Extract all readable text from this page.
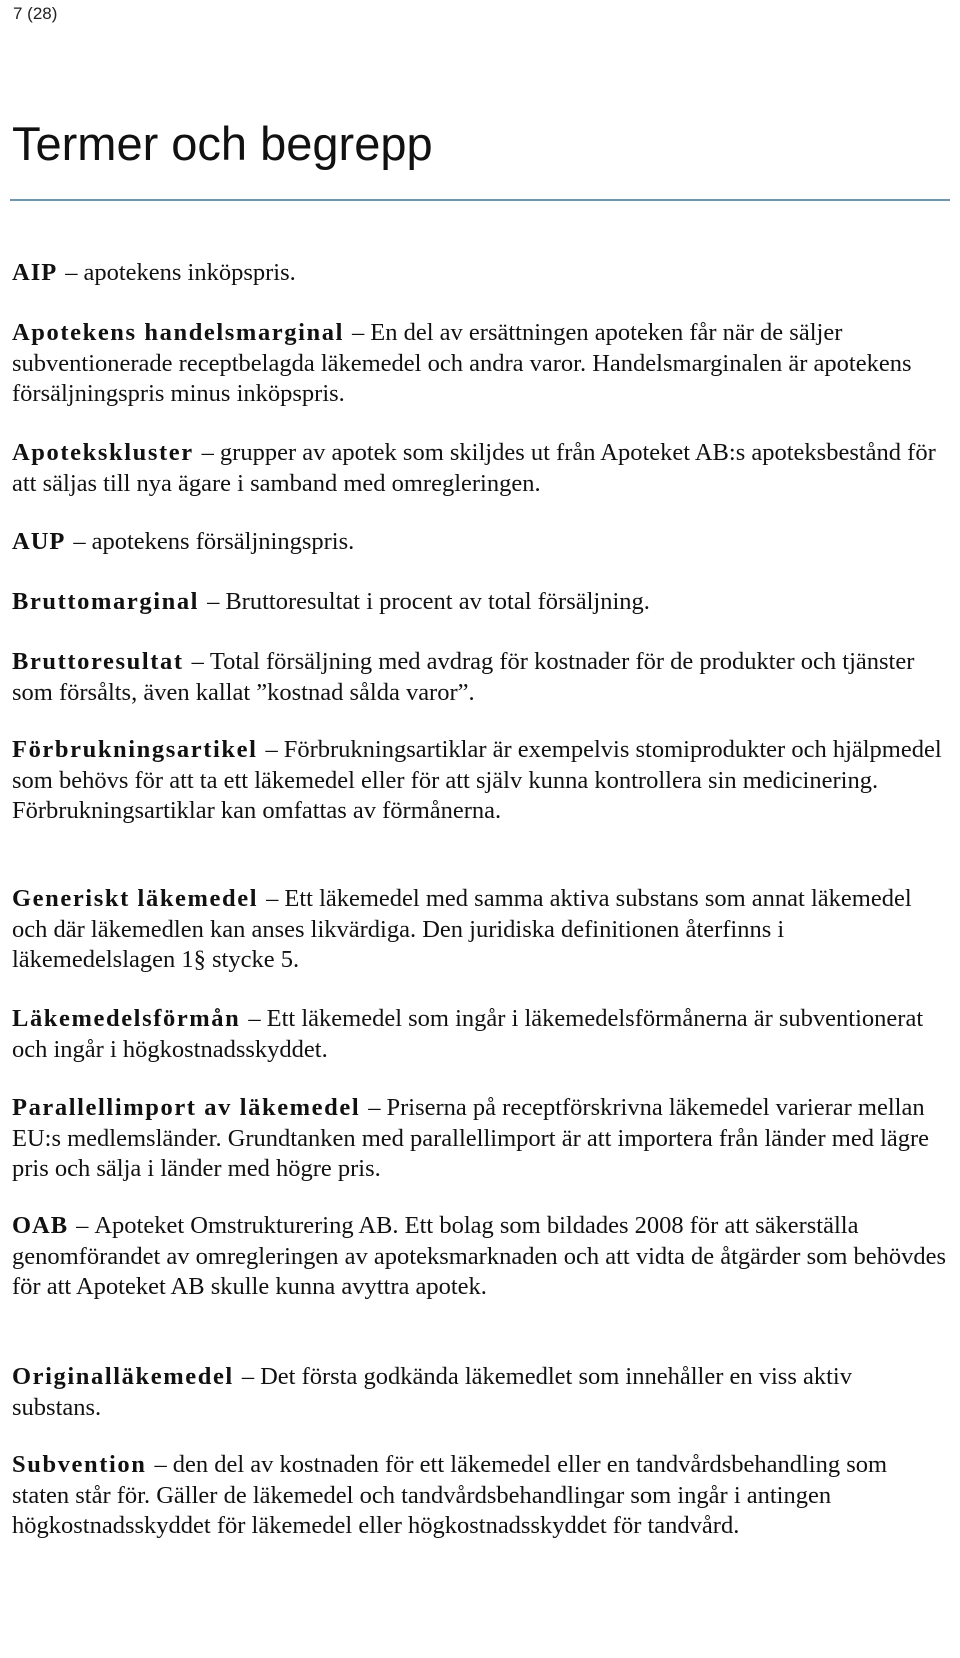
7 (28)
Termer och begrepp

AIP – apotekens inköpspris.

Apotekens handelsmarginal – En del av ersättningen apoteken får när de säljer subventionerade receptbelagda läkemedel och andra varor. Handelsmarginalen är apotekens försäljningspris minus inköpspris.

Apotekskluster – grupper av apotek som skiljdes ut från Apoteket AB:s apoteksbestånd för att säljas till nya ägare i samband med omregleringen.

AUP – apotekens försäljningspris.

Bruttomarginal – Bruttoresultat i procent av total försäljning.

Bruttoresultat – Total försäljning med avdrag för kostnader för de produkter och tjänster som försålts, även kallat ”kostnad sålda varor”.

Förbrukningsartikel – Förbrukningsartiklar är exempelvis stomiprodukter och hjälpmedel som behövs för att ta ett läkemedel eller för att själv kunna kontrollera sin medicinering. Förbrukningsartiklar kan omfattas av förmånerna.

Generiskt läkemedel – Ett läkemedel med samma aktiva substans som annat läkemedel och där läkemedlen kan anses likvärdiga. Den juridiska definitionen återfinns i läkemedelslagen 1§ stycke 5.

Läkemedelsförmån – Ett läkemedel som ingår i läkemedelsförmånerna är subventionerat och ingår i högkostnadsskyddet.

Parallellimport av läkemedel – Priserna på receptförskrivna läkemedel varierar mellan EU:s medlemsländer. Grundtanken med parallellimport är att importera från länder med lägre pris och sälja i länder med högre pris.

OAB – Apoteket Omstrukturering AB. Ett bolag som bildades 2008 för att säkerställa genomförandet av omregleringen av apoteksmarknaden och att vidta de åtgärder som behövdes för att Apoteket AB skulle kunna avyttra apotek.

Originalläkemedel – Det första godkända läkemedlet som innehåller en viss aktiv substans.

Subvention – den del av kostnaden för ett läkemedel eller en tandvårdsbehandling som staten står för. Gäller de läkemedel och tandvårdsbehandlingar som ingår i antingen högkostnadsskyddet för läkemedel eller högkostnadsskyddet för tandvård.
